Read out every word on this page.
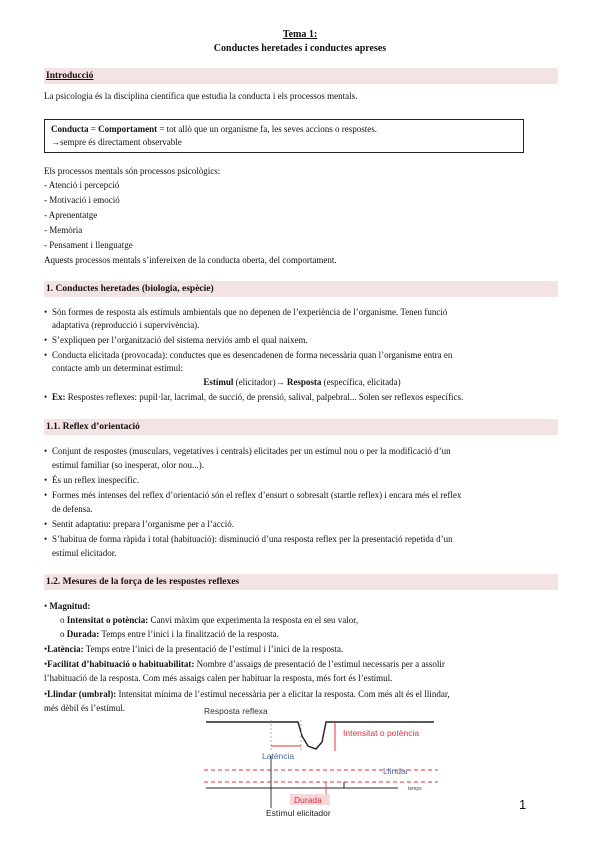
Tema 1:
Conductes heretades i conductes apreses
Introducció
La psicologia és la disciplina científica que estudia la conducta i els processos mentals.
Conducta = Comportament = tot allò que un organisme fa, les seves accions o respostes.
→sempre és directament observable
Els processos mentals són processos psicològics:
- Atenció i percepció
- Motivació i emoció
- Aprenentatge
- Memòria
- Pensament i llenguatge
Aquests processos mentals s’infereixen de la conducta oberta, del comportament.
1. Conductes heretades (biologia, espècie)
• Són formes de resposta als estímuls ambientals que no depenen de l’experiència de l’organisme. Tenen funció
adaptativa (reproducció i supervivència).
• S’expliquen per l’organització del sistema nerviós amb el qual naixem.
• Conducta elicitada (provocada): conductes que es desencadenen de forma necessària quan l’organisme entra en
contacte amb un determinat estímul:
Estímul (elicitador)→ Resposta (específica, elicitada)
• Ex: Respostes reflexes: pupil·lar, lacrimal, de succió, de prensió, salival, palpebral... Solen ser reflexos específics.
1.1. Reflex d’orientació
• Conjunt de respostes (musculars, vegetatives i centrals) elicitades per un estímul nou o per la modificació d’un
estímul familiar (so inesperat, olor nou...).
• És un reflex inespecífic.
• Formes més intenses del reflex d’orientació són el reflex d’ensurt o sobresalt (startle reflex) i encara més el reflex
de defensa.
• Sentit adaptatiu: prepara l’organisme per a l’acció.
• S’habitua de forma ràpida i total (habituació): disminució d’una resposta reflex per la presentació repetida d’un
estímul elicitador.
1.2. Mesures de la força de les respostes reflexes
• Magnitud:
o Intensitat o potència: Canvi màxim que experimenta la resposta en el seu valor,
o Durada: Temps entre l’inici i la finalització de la resposta.
•Latència: Temps entre l’inici de la presentació de l’estímul i l’inici de la resposta.
•Facilitat d’habituació o habituabilitat: Nombre d’assaigs de presentació de l’estímul necessaris per a assolir
l’habituació de la resposta. Com més assaigs calen per habituar la resposta, més fort és l’estímul.
•Llindar (umbral): Intensitat mínima de l’estímul necessària per a elicitar la resposta. Com més alt és el llindar,
més dèbil és l’estímul.	Resposta reflexa
Intensitat o potència
Latència
Llindar
temps
Durada
Estímul elicitador
1
